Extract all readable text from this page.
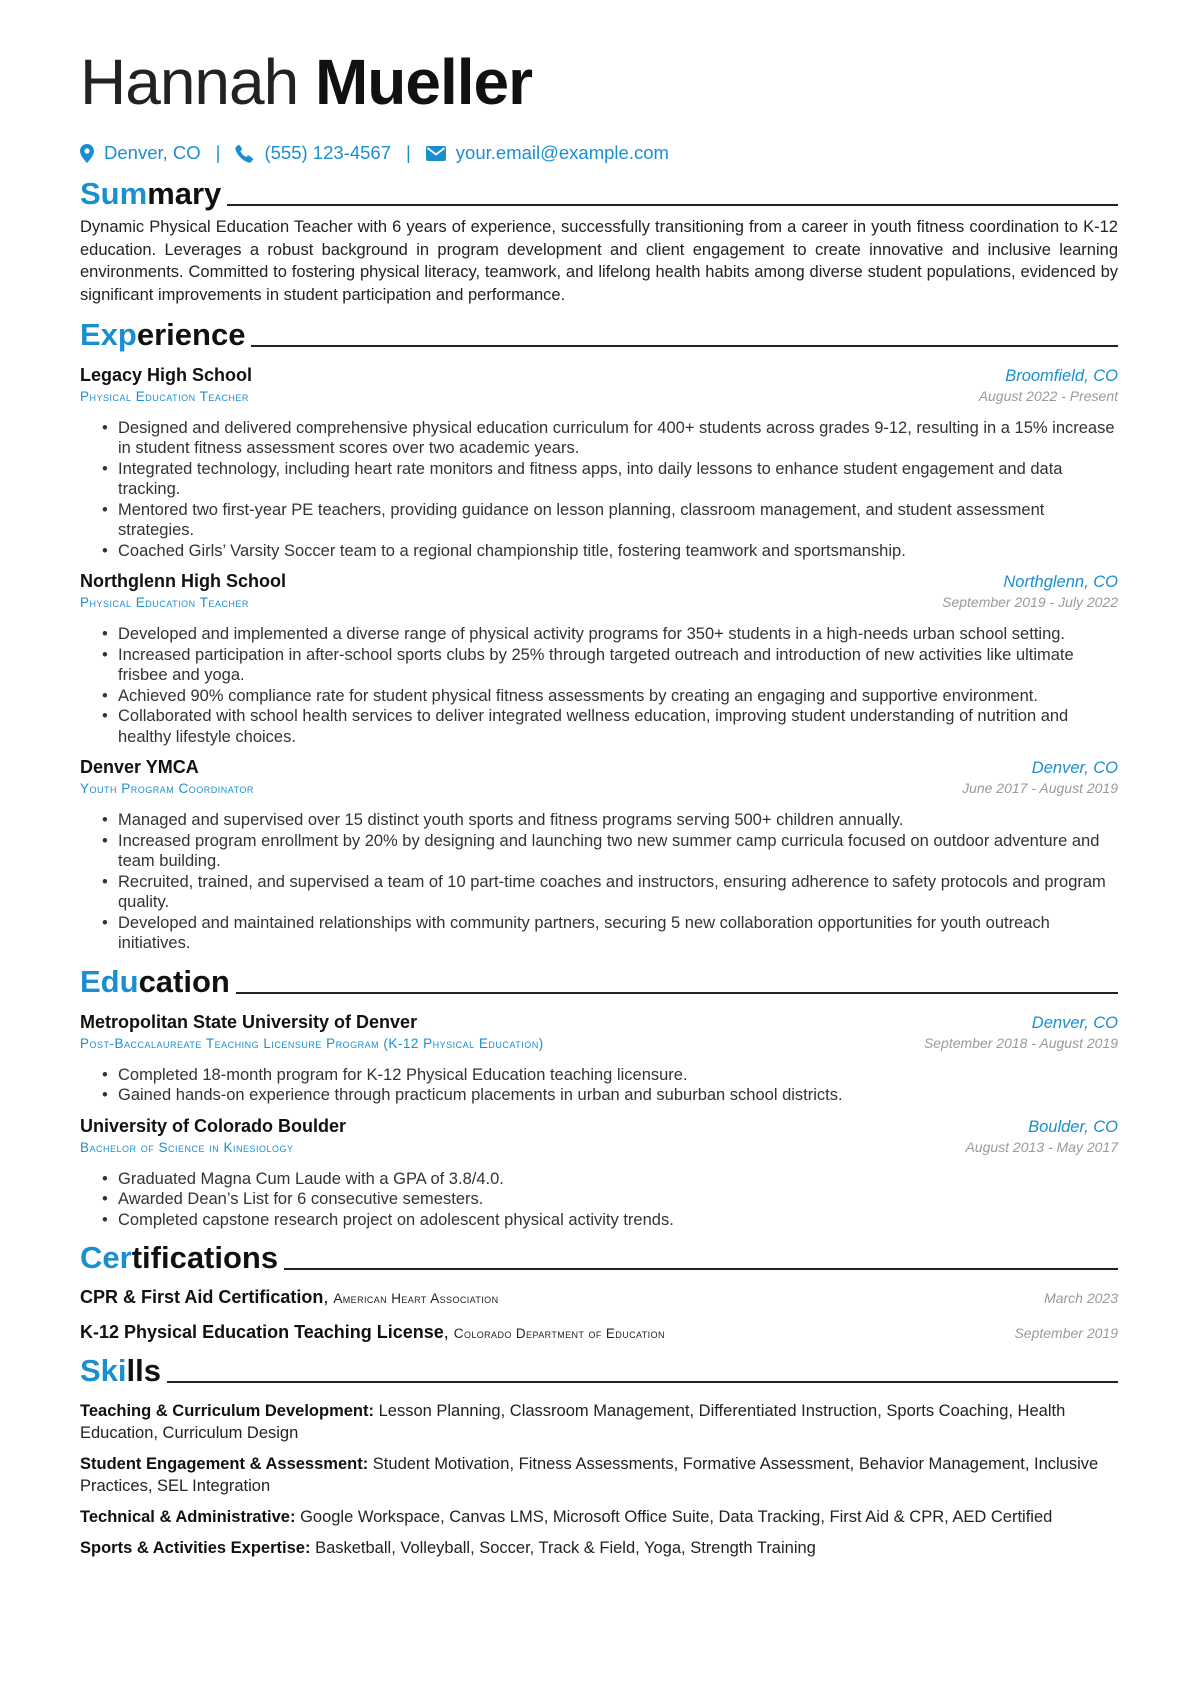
Hannah Mueller
Denver, CO | (555) 123-4567 | your.email@example.com
Summary
Dynamic Physical Education Teacher with 6 years of experience, successfully transitioning from a career in youth fitness coordination to K-12 education. Leverages a robust background in program development and client engagement to create innovative and inclusive learning environments. Committed to fostering physical literacy, teamwork, and lifelong health habits among diverse student populations, evidenced by significant improvements in student participation and performance.
Experience
Legacy High School	Broomfield, CO
Physical Education Teacher	August 2022 - Present
• Designed and delivered comprehensive physical education curriculum for 400+ students across grades 9-12, resulting in a 15% increase in student fitness assessment scores over two academic years.
• Integrated technology, including heart rate monitors and fitness apps, into daily lessons to enhance student engagement and data tracking.
• Mentored two first-year PE teachers, providing guidance on lesson planning, classroom management, and student assessment strategies.
• Coached Girls’ Varsity Soccer team to a regional championship title, fostering teamwork and sportsmanship.
Northglenn High School	Northglenn, CO
Physical Education Teacher	September 2019 - July 2022
• Developed and implemented a diverse range of physical activity programs for 350+ students in a high-needs urban school setting.
• Increased participation in after-school sports clubs by 25% through targeted outreach and introduction of new activities like ultimate frisbee and yoga.
• Achieved 90% compliance rate for student physical fitness assessments by creating an engaging and supportive environment.
• Collaborated with school health services to deliver integrated wellness education, improving student understanding of nutrition and healthy lifestyle choices.
Denver YMCA	Denver, CO
Youth Program Coordinator	June 2017 - August 2019
• Managed and supervised over 15 distinct youth sports and fitness programs serving 500+ children annually.
• Increased program enrollment by 20% by designing and launching two new summer camp curricula focused on outdoor adventure and team building.
• Recruited, trained, and supervised a team of 10 part-time coaches and instructors, ensuring adherence to safety protocols and program quality.
• Developed and maintained relationships with community partners, securing 5 new collaboration opportunities for youth outreach initiatives.
Education
Metropolitan State University of Denver	Denver, CO
Post-Baccalaureate Teaching Licensure Program (K-12 Physical Education)	September 2018 - August 2019
• Completed 18-month program for K-12 Physical Education teaching licensure.
• Gained hands-on experience through practicum placements in urban and suburban school districts.
University of Colorado Boulder	Boulder, CO
Bachelor of Science in Kinesiology	August 2013 - May 2017
• Graduated Magna Cum Laude with a GPA of 3.8/4.0.
• Awarded Dean’s List for 6 consecutive semesters.
• Completed capstone research project on adolescent physical activity trends.
Certifications
CPR & First Aid Certification, American Heart Association	March 2023
K-12 Physical Education Teaching License, Colorado Department of Education	September 2019
Skills
Teaching & Curriculum Development: Lesson Planning, Classroom Management, Differentiated Instruction, Sports Coaching, Health Education, Curriculum Design
Student Engagement & Assessment: Student Motivation, Fitness Assessments, Formative Assessment, Behavior Management, Inclusive Practices, SEL Integration
Technical & Administrative: Google Workspace, Canvas LMS, Microsoft Office Suite, Data Tracking, First Aid & CPR, AED Certified
Sports & Activities Expertise: Basketball, Volleyball, Soccer, Track & Field, Yoga, Strength Training
